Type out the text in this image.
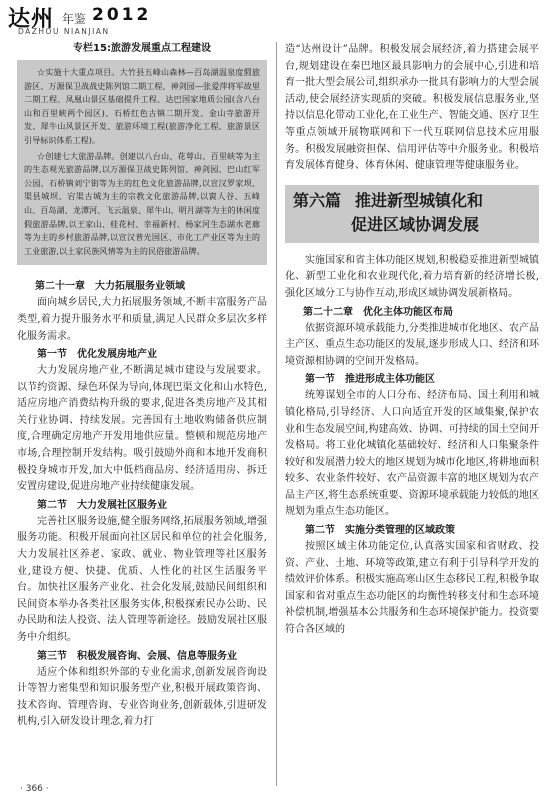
达州 年鉴 2012
DAZHOU NIANJIAN
专栏15:旅游发展重点工程建设

☆实施十大重点项目。大竹县五峰山森林—百岛湖温泉度假旅游区、万源保卫战战史陈列馆二期工程、神剑园—张爱萍将军故里二期工程、凤凰山景区基础提升工程、达巴国家地质公园(含八台山和百里峡两个园区)、石桥红色古镇二期开发、金山寺旅游开发、犀牛山风景区开发、旅游环境工程(旅游净化工程、旅游景区引导标识体系工程)。

☆创建七大旅游品牌。创建以八台山、花萼山、百里峡等为主的生态观光旅游品牌,以万源保卫战史陈列馆、神剑园、巴山红军公园、石桥镇刘宁街等为主的红色文化旅游品牌,以宣汉罗家坝、渠县城坝、宕渠古城为主的宗教文化旅游品牌,以賨人谷、五峰山、百岛湖、龙潭河、飞云温泉、犀牛山、明月湖等为主的休闲度假旅游品牌,以王家山、桂花村、幸福新村、杨家河生态湖水老廊等为主的乡村旅游品牌,以宣汉普光国区、市化工产业区等为主的工业旅游,以土家民族风情等为主的民俗旅游品牌。

第二十一章　大力拓展服务业领域

面向城乡居民,大力拓展服务领域,不断丰富服务产品类型,着力提升服务水平和质量,满足人民群众多层次多样化服务需求。

第一节　优化发展房地产业

大力发展房地产业,不断满足城市建设与发展要求。以节约资源、绿色环保为导向,体现巴渠文化和山水特色,适应房地产消费结构升级的要求,促进各类房地产及其相关行业协调、持续发展。完善国有土地收购储备供应制度,合理确定房地产开发用地供应量。整顿和规范房地产市场,合理控制开发结构。吸引鼓励外商和本地开发商积极投身城市开发,加大中低档商品房、经济适用房、拆迁安置房建设,促进房地产业持续健康发展。

第二节　大力发展社区服务业

完善社区服务设施,健全服务网络,拓展服务领域,增强服务功能。积极开展面向社区居民和单位的社会化服务,大力发展社区养老、家政、就业、物业管理等社区服务业,建设方便、快捷、优质、人性化的社区生活服务平台。加快社区服务产业化、社会化发展,鼓励民间组织和民间资本举办各类社区服务实体,积极探索民办公助、民办民助和法人投资、法人管理等新途径。鼓励发展社区服务中介组织。

第三节　积极发展咨询、会展、信息等服务业

适应个体和组织外部的专业化需求,创新发展咨询设计等智力密集型和知识服务型产业,积极开展政策咨询、技术咨询、管理咨询、专业咨询业务,创新载体,引进研发机构,引入研发设计理念,着力打

造“达州设计”品牌。积极发展会展经济,着力搭建会展平台,规划建设在秦巴地区最具影响力的会展中心,引进和培育一批大型会展公司,组织承办一批具有影响力的大型会展活动,使会展经济实现质的突破。积极发展信息服务业,坚持以信息化带动工业化,在工业生产、智能交通、医疗卫生等重点领域开展物联网和下一代互联网信息技术应用服务。积极发展融资担保、信用评估等中介服务业。积极培育发展体育健身、体育休闲、健康管理等健康服务业。

第六篇 推进新型城镇化和
促进区域协调发展

实施国家和省主体功能区规划,积极稳妥推进新型城镇化、新型工业化和农业现代化,着力培育新的经济增长极,强化区域分工与协作互动,形成区域协调发展新格局。

第二十二章　优化主体功能区布局

依据资源环境承载能力,分类推进城市化地区、农产品主产区、重点生态功能区的发展,逐步形成人口、经济和环境资源相协调的空间开发格局。

第一节　推进形成主体功能区

统筹谋划全市的人口分布、经济布局、国土利用和城镇化格局,引导经济、人口向适宜开发的区域集聚,保护农业和生态发展空间,构建高效、协调、可持续的国土空间开发格局。将工业化城镇化基础较好、经济和人口集聚条件较好和发展潜力较大的地区规划为城市化地区,将耕地面积较多、农业条件较好、农产品资源丰富的地区规划为农产品主产区,将生态系统重要、资源环境承载能力较低的地区规划为重点生态功能区。

第二节　实施分类管理的区域政策

按照区域主体功能定位,认真落实国家和省财政、投资、产业、土地、环境等政策,建立有利于引导科学开发的绩效评价体系。积极实施高寒山区生态移民工程,积极争取国家和省对重点生态功能区的均衡性转移支付和生态环境补偿机制,增强基本公共服务和生态环境保护能力。投资要符合各区域的

· 366 ·
